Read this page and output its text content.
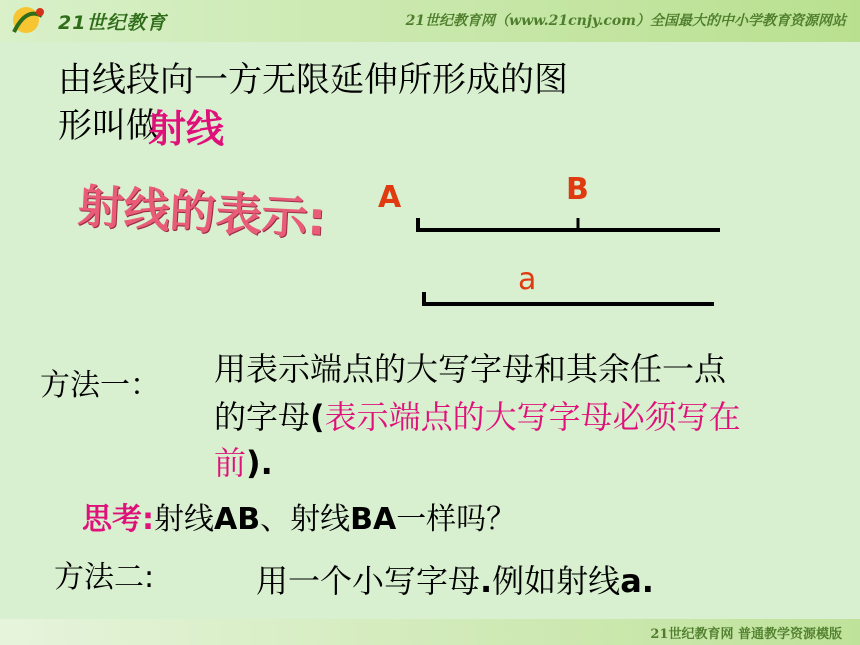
21世纪教育	21世纪教育网（www.21cnjy.com）全国最大的中小学教育资源网站
由线段向一方无限延伸所形成的图
形叫做
射线
射线的表示: A	B
a
方法一： 用表示端点的大写字母和其余任一点
的字母(表示端点的大写字母必须写在
前).
思考:射线AB、射线BA一样吗？
方法二:	用一个小写字母.例如射线a.
21世纪教育网 普通教学资源模版
